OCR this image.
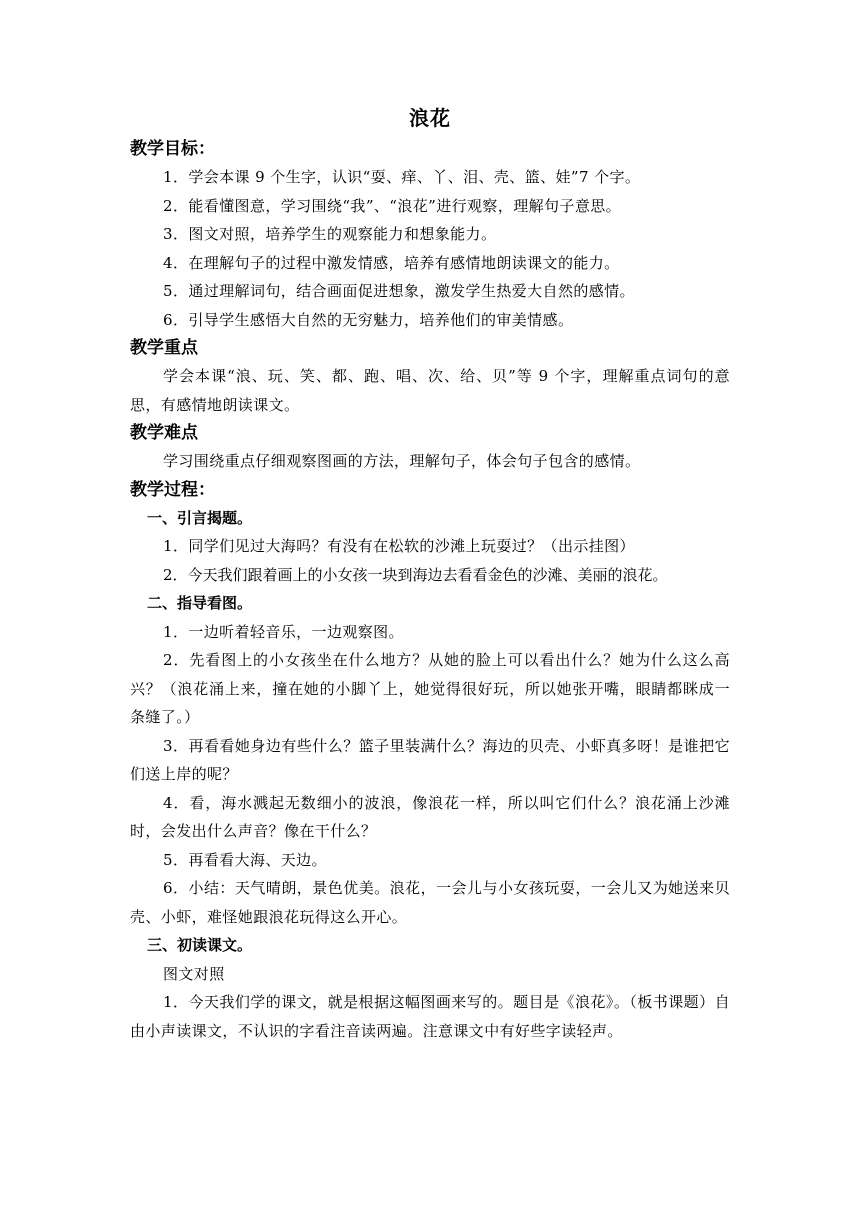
浪花
教学目标：
1．学会本课 9 个生字，认识“耍、痒、丫、泪、壳、篮、娃”7 个字。
2．能看懂图意，学习围绕“我”、“浪花”进行观察，理解句子意思。
3．图文对照，培养学生的观察能力和想象能力。
4．在理解句子的过程中激发情感，培养有感情地朗读课文的能力。
5．通过理解词句，结合画面促进想象，激发学生热爱大自然的感情。
6．引导学生感悟大自然的无穷魅力，培养他们的审美情感。
教学重点
学会本课“浪、玩、笑、都、跑、唱、次、给、贝”等 9 个字，理解重点词句的意思，有感情地朗读课文。
教学难点
学习围绕重点仔细观察图画的方法，理解句子，体会句子包含的感情。
教学过程：
一、引言揭题。
1．同学们见过大海吗？有没有在松软的沙滩上玩耍过？（出示挂图）
2．今天我们跟着画上的小女孩一块到海边去看看金色的沙滩、美丽的浪花。
二、指导看图。
1．一边听着轻音乐，一边观察图。
2．先看图上的小女孩坐在什么地方？从她的脸上可以看出什么？她为什么这么高兴？（浪花涌上来，撞在她的小脚丫上，她觉得很好玩，所以她张开嘴，眼睛都眯成一条缝了。）
3．再看看她身边有些什么？篮子里装满什么？海边的贝壳、小虾真多呀！是谁把它们送上岸的呢？
4．看，海水溅起无数细小的波浪，像浪花一样，所以叫它们什么？浪花涌上沙滩时，会发出什么声音？像在干什么？
5．再看看大海、天边。
6．小结：天气晴朗，景色优美。浪花，一会儿与小女孩玩耍，一会儿又为她送来贝壳、小虾，难怪她跟浪花玩得这么开心。
三、初读课文。
图文对照
1．今天我们学的课文，就是根据这幅图画来写的。题目是《浪花》。（板书课题）自由小声读课文，不认识的字看注音读两遍。注意课文中有好些字读轻声。
